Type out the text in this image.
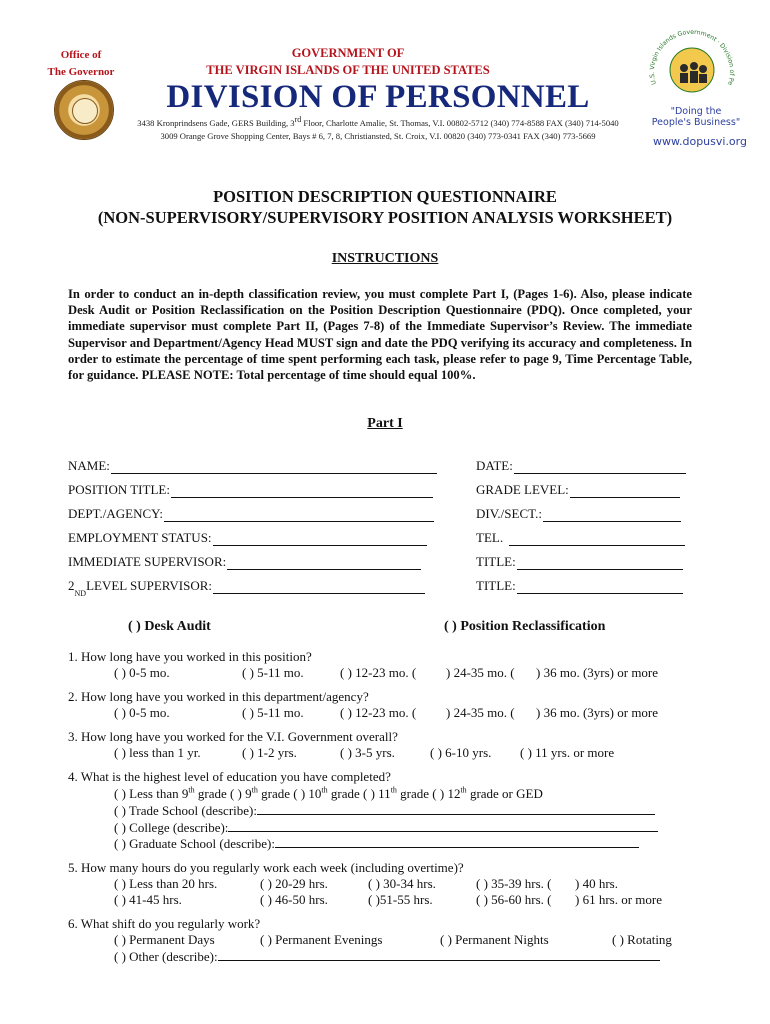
Office of
The Governor
GOVERNMENT OF
THE VIRGIN ISLANDS OF THE UNITED STATES
DIVISION OF PERSONNEL
3438 Kronprindsens Gade, GERS Building, 3rd Floor, Charlotte Amalie, St. Thomas, V.I. 00802-5712 (340) 774-8588 FAX (340) 714-5040
3009 Orange Grove Shopping Center, Bays # 6, 7, 8, Christiansted, St. Croix, V.I. 00820 (340) 773-0341 FAX (340) 773-5669
U.S. Virgin Islands Government · Division of Pe
"Doing the
People's Business"
www.dopusvi.org
POSITION DESCRIPTION QUESTIONNAIRE
(NON-SUPERVISORY/SUPERVISORY POSITION ANALYSIS WORKSHEET)
INSTRUCTIONS
In order to conduct an in-depth classification review, you must complete Part I, (Pages 1-6). Also, please indicate Desk Audit or Position Reclassification on the Position Description Questionnaire (PDQ). Once completed, your immediate supervisor must complete Part II, (Pages 7-8) of the Immediate Supervisor’s Review. The immediate Supervisor and Department/Agency Head MUST sign and date the PDQ verifying its accuracy and completeness. In order to estimate the percentage of time spent performing each task, please refer to page 9, Time Percentage Table, for guidance. PLEASE NOTE: Total percentage of time should equal 100%.
Part I
NAME:	DATE:
POSITION TITLE:	GRADE LEVEL:
DEPT./AGENCY:	DIV./SECT.:
EMPLOYMENT STATUS:	TEL.
IMMEDIATE SUPERVISOR:	TITLE:
2
ND
LEVEL SUPERVISOR:	TITLE:
( ) Desk Audit	( ) Position Reclassification
1. How long have you worked in this position?
( ) 0-5 mo.	( ) 5-11 mo.	( ) 12-23 mo. ( ) 24-35 mo. ( ) 36 mo. (3yrs) or more
2. How long have you worked in this department/agency?
( ) 0-5 mo.	( ) 5-11 mo.	( ) 12-23 mo. ( ) 24-35 mo. ( ) 36 mo. (3yrs) or more
3. How long have you worked for the V.I. Government overall?
( ) less than 1 yr.	( ) 1-2 yrs.	( ) 3-5 yrs.	( ) 6-10 yrs. ( ) 11 yrs. or more
4. What is the highest level of education you have completed?
( ) Less than 9th grade ( ) 9th grade ( ) 10th grade ( ) 11th grade ( ) 12th grade or GED
( ) Trade School (describe):
( ) College (describe):
( ) Graduate School (describe):
5. How many hours do you regularly work each week (including overtime)?
( ) Less than 20 hrs.	( ) 20-29 hrs.	( ) 30-34 hrs.	( ) 35-39 hrs. ( ) 40 hrs.
( ) 41-45 hrs.	( ) 46-50 hrs.	( )51-55 hrs.	( ) 56-60 hrs. ( ) 61 hrs. or more
6. What shift do you regularly work?
( ) Permanent Days	( ) Permanent Evenings	( ) Permanent Nights	( ) Rotating
( ) Other (describe):
